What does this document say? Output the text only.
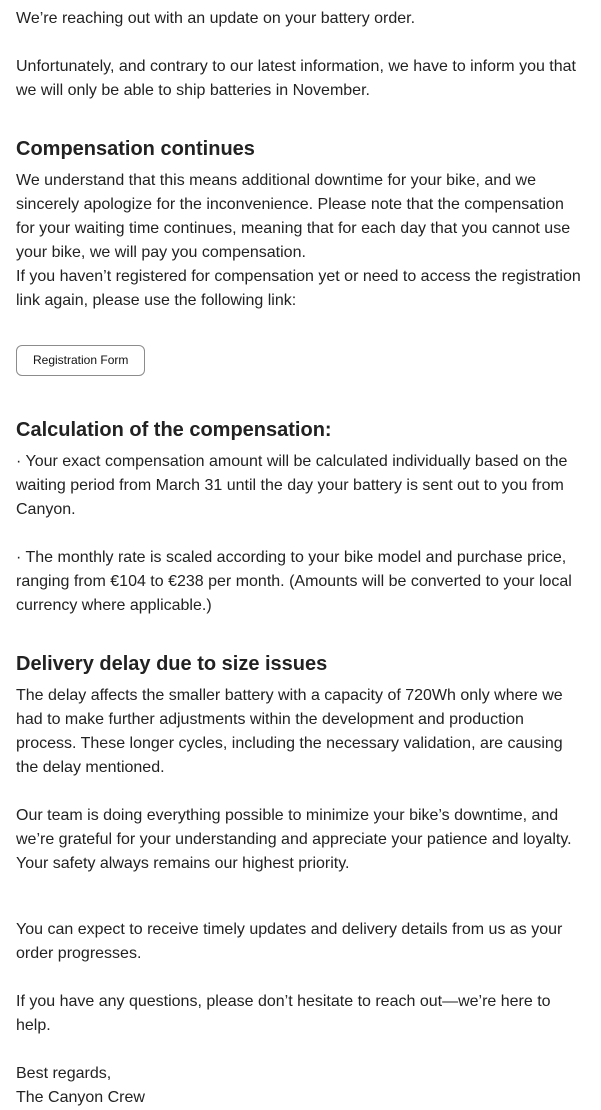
We’re reaching out with an update on your battery order.

Unfortunately, and contrary to our latest information, we have to inform you that we will only be able to ship batteries in November.

Compensation continues

We understand that this means additional downtime for your bike, and we sincerely apologize for the inconvenience. Please note that the compensation for your waiting time continues, meaning that for each day that you cannot use your bike, we will pay you compensation.

If you haven’t registered for compensation yet or need to access the registration link again, please use the following link:

Registration Form
Calculation of the compensation:

· Your exact compensation amount will be calculated individually based on the waiting period from March 31 until the day your battery is sent out to you from Canyon.

· The monthly rate is scaled according to your bike model and purchase price, ranging from €104 to €238 per month. (Amounts will be converted to your local currency where applicable.)

Delivery delay due to size issues

The delay affects the smaller battery with a capacity of 720Wh only where we had to make further adjustments within the development and production process. These longer cycles, including the necessary validation, are causing the delay mentioned.

Our team is doing everything possible to minimize your bike’s downtime, and we’re grateful for your understanding and appreciate your patience and loyalty. Your safety always remains our highest priority.

You can expect to receive timely updates and delivery details from us as your order progresses.

If you have any questions, please don’t hesitate to reach out—we’re here to help.

Best regards,

The Canyon Crew
